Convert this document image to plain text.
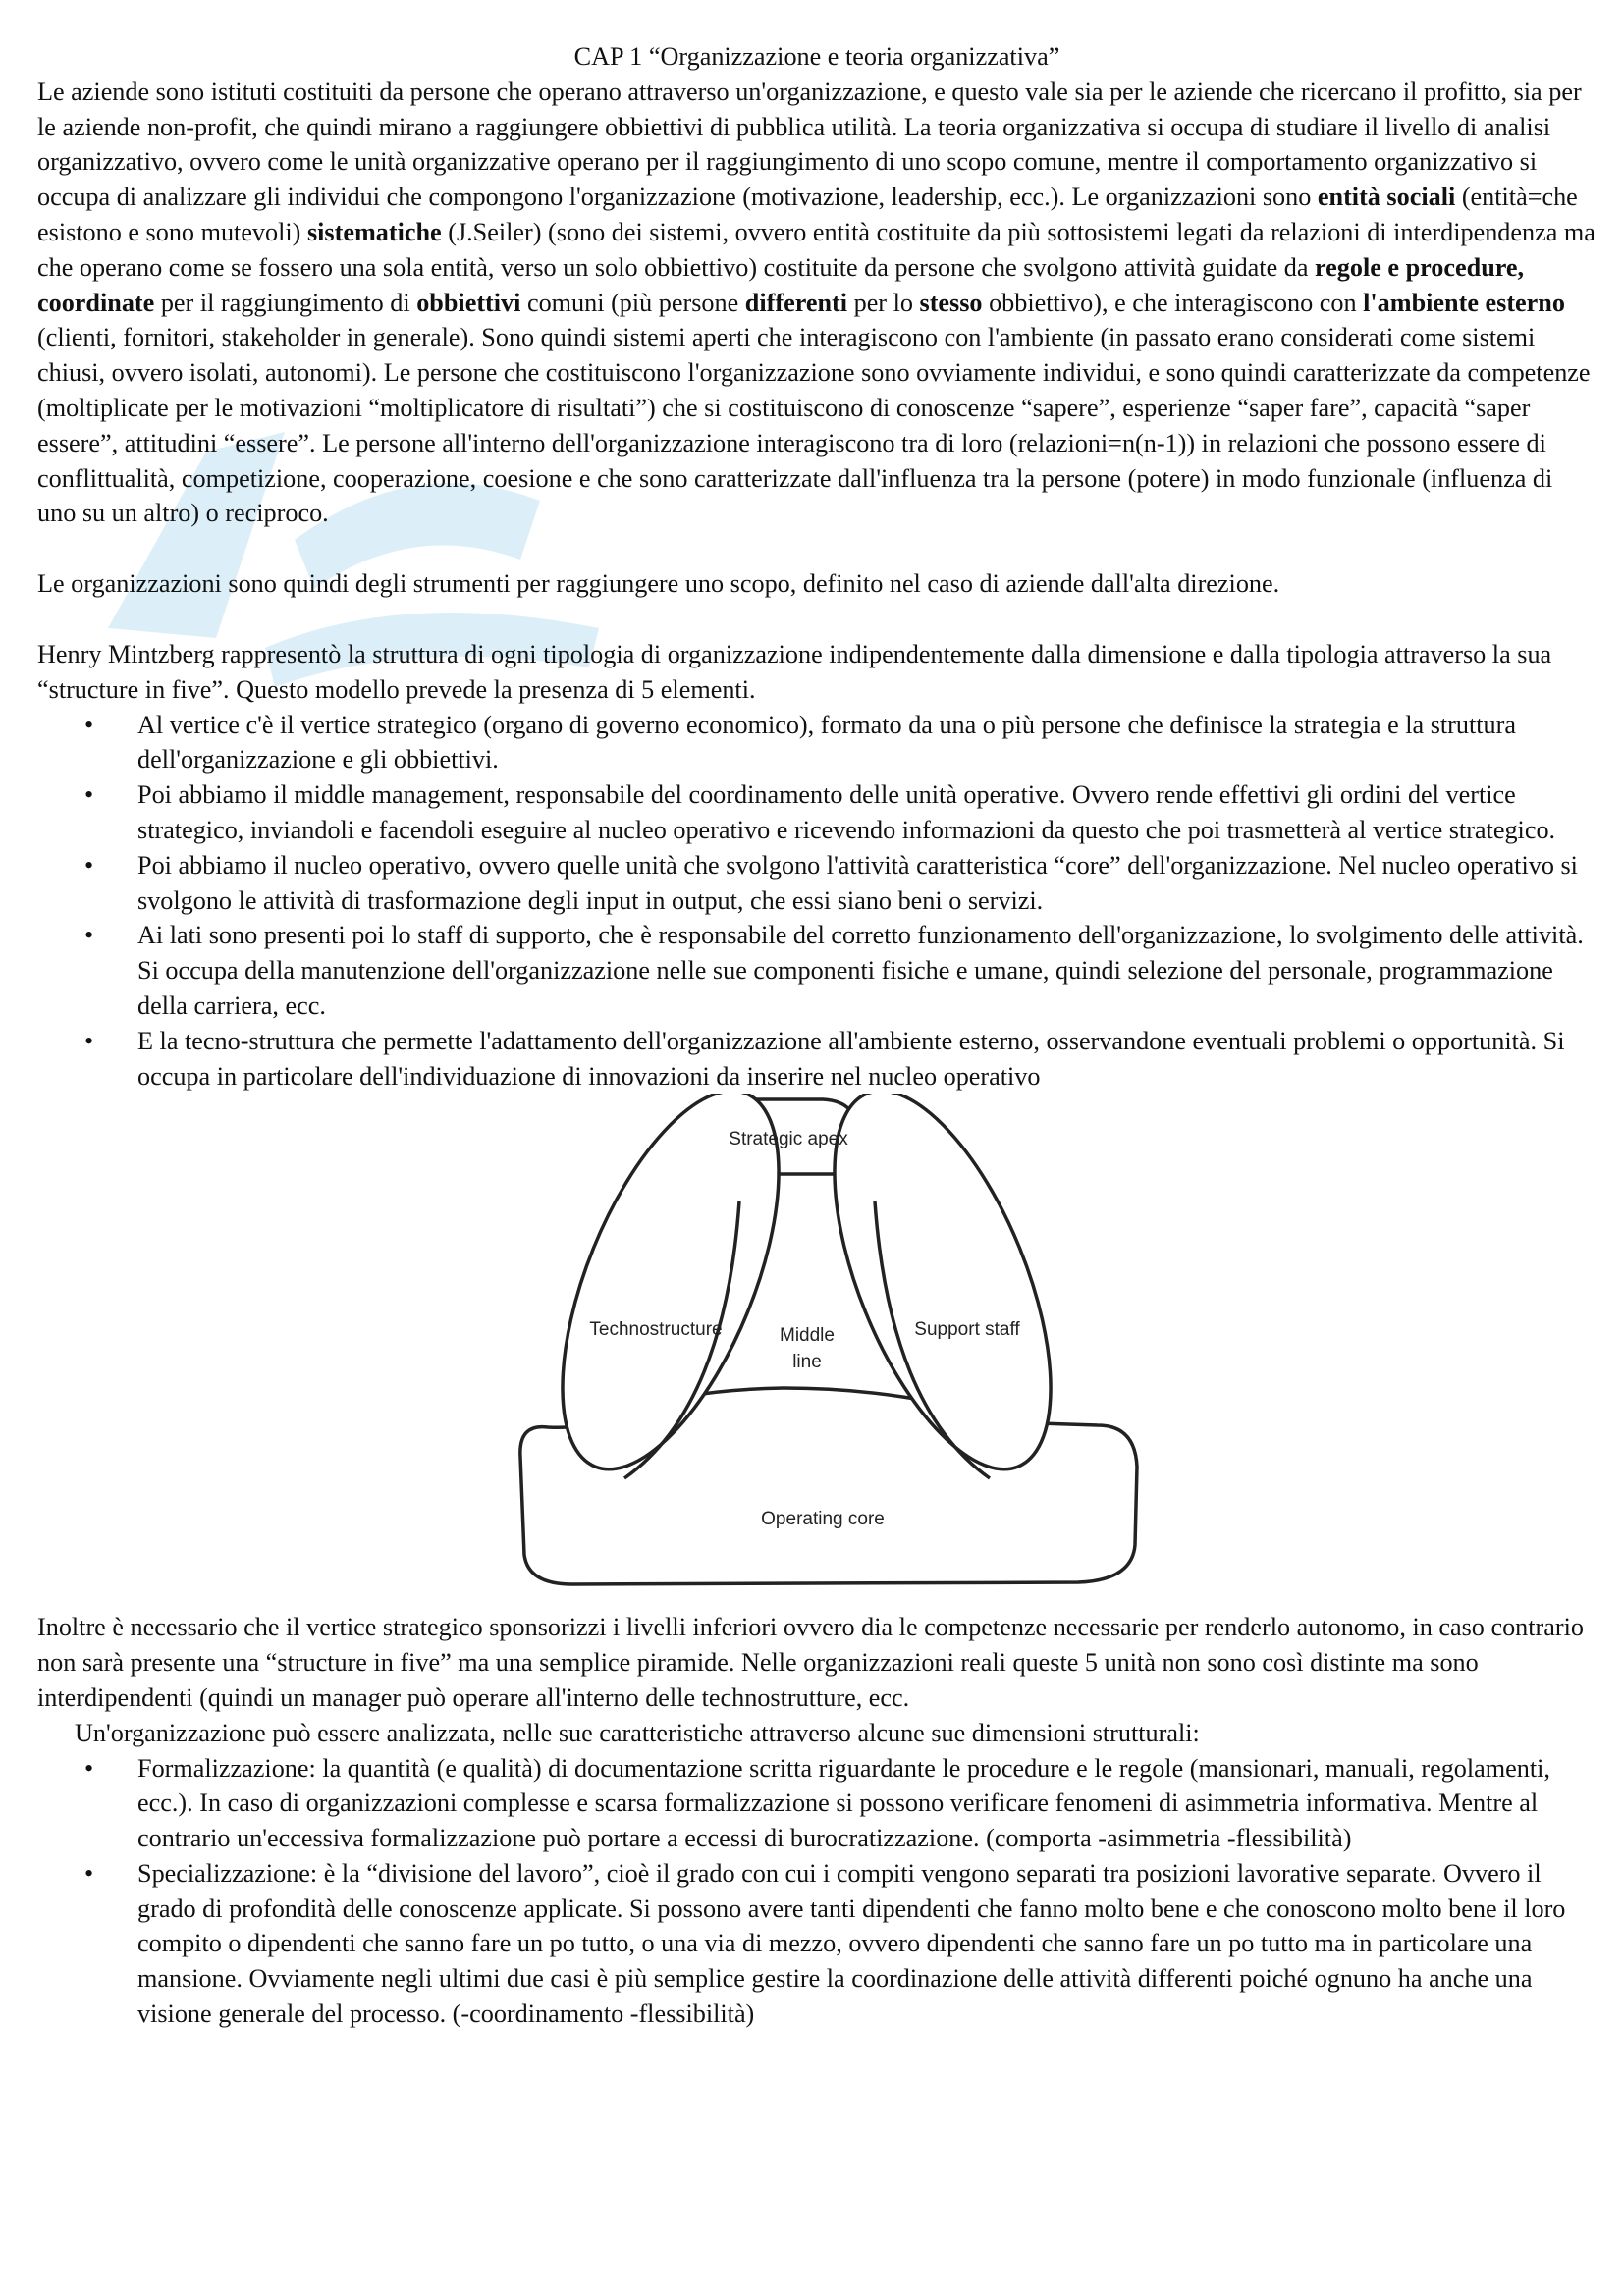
CAP 1 “Organizzazione e teoria organizzativa”

Le aziende sono istituti costituiti da persone che operano attraverso un'organizzazione, e questo vale sia per le aziende che ricercano il profitto, sia per le aziende non-profit, che quindi mirano a raggiungere obbiettivi di pubblica utilità. La teoria organizzativa si occupa di studiare il livello di analisi organizzativo, ovvero come le unità organizzative operano per il raggiungimento di uno scopo comune, mentre il comportamento organizzativo si occupa di analizzare gli individui che compongono l'organizzazione (motivazione, leadership, ecc.). Le organizzazioni sono entità sociali (entità=che esistono e sono mutevoli) sistematiche (J.Seiler) (sono dei sistemi, ovvero entità costituite da più sottosistemi legati da relazioni di interdipendenza ma che operano come se fossero una sola entità, verso un solo obbiettivo) costituite da persone che svolgono attività guidate da regole e procedure, coordinate per il raggiungimento di obbiettivi comuni (più persone differenti per lo stesso obbiettivo), e che interagiscono con l'ambiente esterno (clienti, fornitori, stakeholder in generale). Sono quindi sistemi aperti che interagiscono con l'ambiente (in passato erano considerati come sistemi chiusi, ovvero isolati, autonomi). Le persone che costituiscono l'organizzazione sono ovviamente individui, e sono quindi caratterizzate da competenze (moltiplicate per le motivazioni “moltiplicatore di risultati”) che si costituiscono di conoscenze “sapere”, esperienze “saper fare”, capacità “saper essere”, attitudini “essere”. Le persone all'interno dell'organizzazione interagiscono tra di loro (relazioni=n(n-1)) in relazioni che possono essere di conflittualità, competizione, cooperazione, coesione e che sono caratterizzate dall'influenza tra la persone (potere) in modo funzionale (influenza di uno su un altro) o reciproco.

Le organizzazioni sono quindi degli strumenti per raggiungere uno scopo, definito nel caso di aziende dall'alta direzione.

Henry Mintzberg rappresentò la struttura di ogni tipologia di organizzazione indipendentemente dalla dimensione e dalla tipologia attraverso la sua “structure in five”. Questo modello prevede la presenza di 5 elementi.

• Al vertice c'è il vertice strategico (organo di governo economico), formato da una o più persone che definisce la strategia e la struttura dell'organizzazione e gli obbiettivi.
• Poi abbiamo il middle management, responsabile del coordinamento delle unità operative. Ovvero rende effettivi gli ordini del vertice strategico, inviandoli e facendoli eseguire al nucleo operativo e ricevendo informazioni da questo che poi trasmetterà al vertice strategico.
• Poi abbiamo il nucleo operativo, ovvero quelle unità che svolgono l'attività caratteristica “core” dell'organizzazione. Nel nucleo operativo si svolgono le attività di trasformazione degli input in output, che essi siano beni o servizi.
• Ai lati sono presenti poi lo staff di supporto, che è responsabile del corretto funzionamento dell'organizzazione, lo svolgimento delle attività. Si occupa della manutenzione dell'organizzazione nelle sue componenti fisiche e umane, quindi selezione del personale, programmazione della carriera, ecc.
• E la tecno-struttura che permette l'adattamento dell'organizzazione all'ambiente esterno, osservandone eventuali problemi o opportunità. Si occupa in particolare dell'individuazione di innovazioni da inserire nel nucleo operativo
Strategic apex
Technostructure	Middle
line
Support staff
Operating core

Inoltre è necessario che il vertice strategico sponsorizzi i livelli inferiori ovvero dia le competenze necessarie per renderlo autonomo, in caso contrario non sarà presente una “structure in five” ma una semplice piramide. Nelle organizzazioni reali queste 5 unità non sono così distinte ma sono interdipendenti (quindi un manager può operare all'interno delle technostrutture, ecc.

Un'organizzazione può essere analizzata, nelle sue caratteristiche attraverso alcune sue dimensioni strutturali:

• Formalizzazione: la quantità (e qualità) di documentazione scritta riguardante le procedure e le regole (mansionari, manuali, regolamenti, ecc.). In caso di organizzazioni complesse e scarsa formalizzazione si possono verificare fenomeni di asimmetria informativa. Mentre al contrario un'eccessiva formalizzazione può portare a eccessi di burocratizzazione. (comporta -asimmetria -flessibilità)
• Specializzazione: è la “divisione del lavoro”, cioè il grado con cui i compiti vengono separati tra posizioni lavorative separate. Ovvero il grado di profondità delle conoscenze applicate. Si possono avere tanti dipendenti che fanno molto bene e che conoscono molto bene il loro compito o dipendenti che sanno fare un po tutto, o una via di mezzo, ovvero dipendenti che sanno fare un po tutto ma in particolare una mansione. Ovviamente negli ultimi due casi è più semplice gestire la coordinazione delle attività differenti poiché ognuno ha anche una visione generale del processo. (-coordinamento -flessibilità)
